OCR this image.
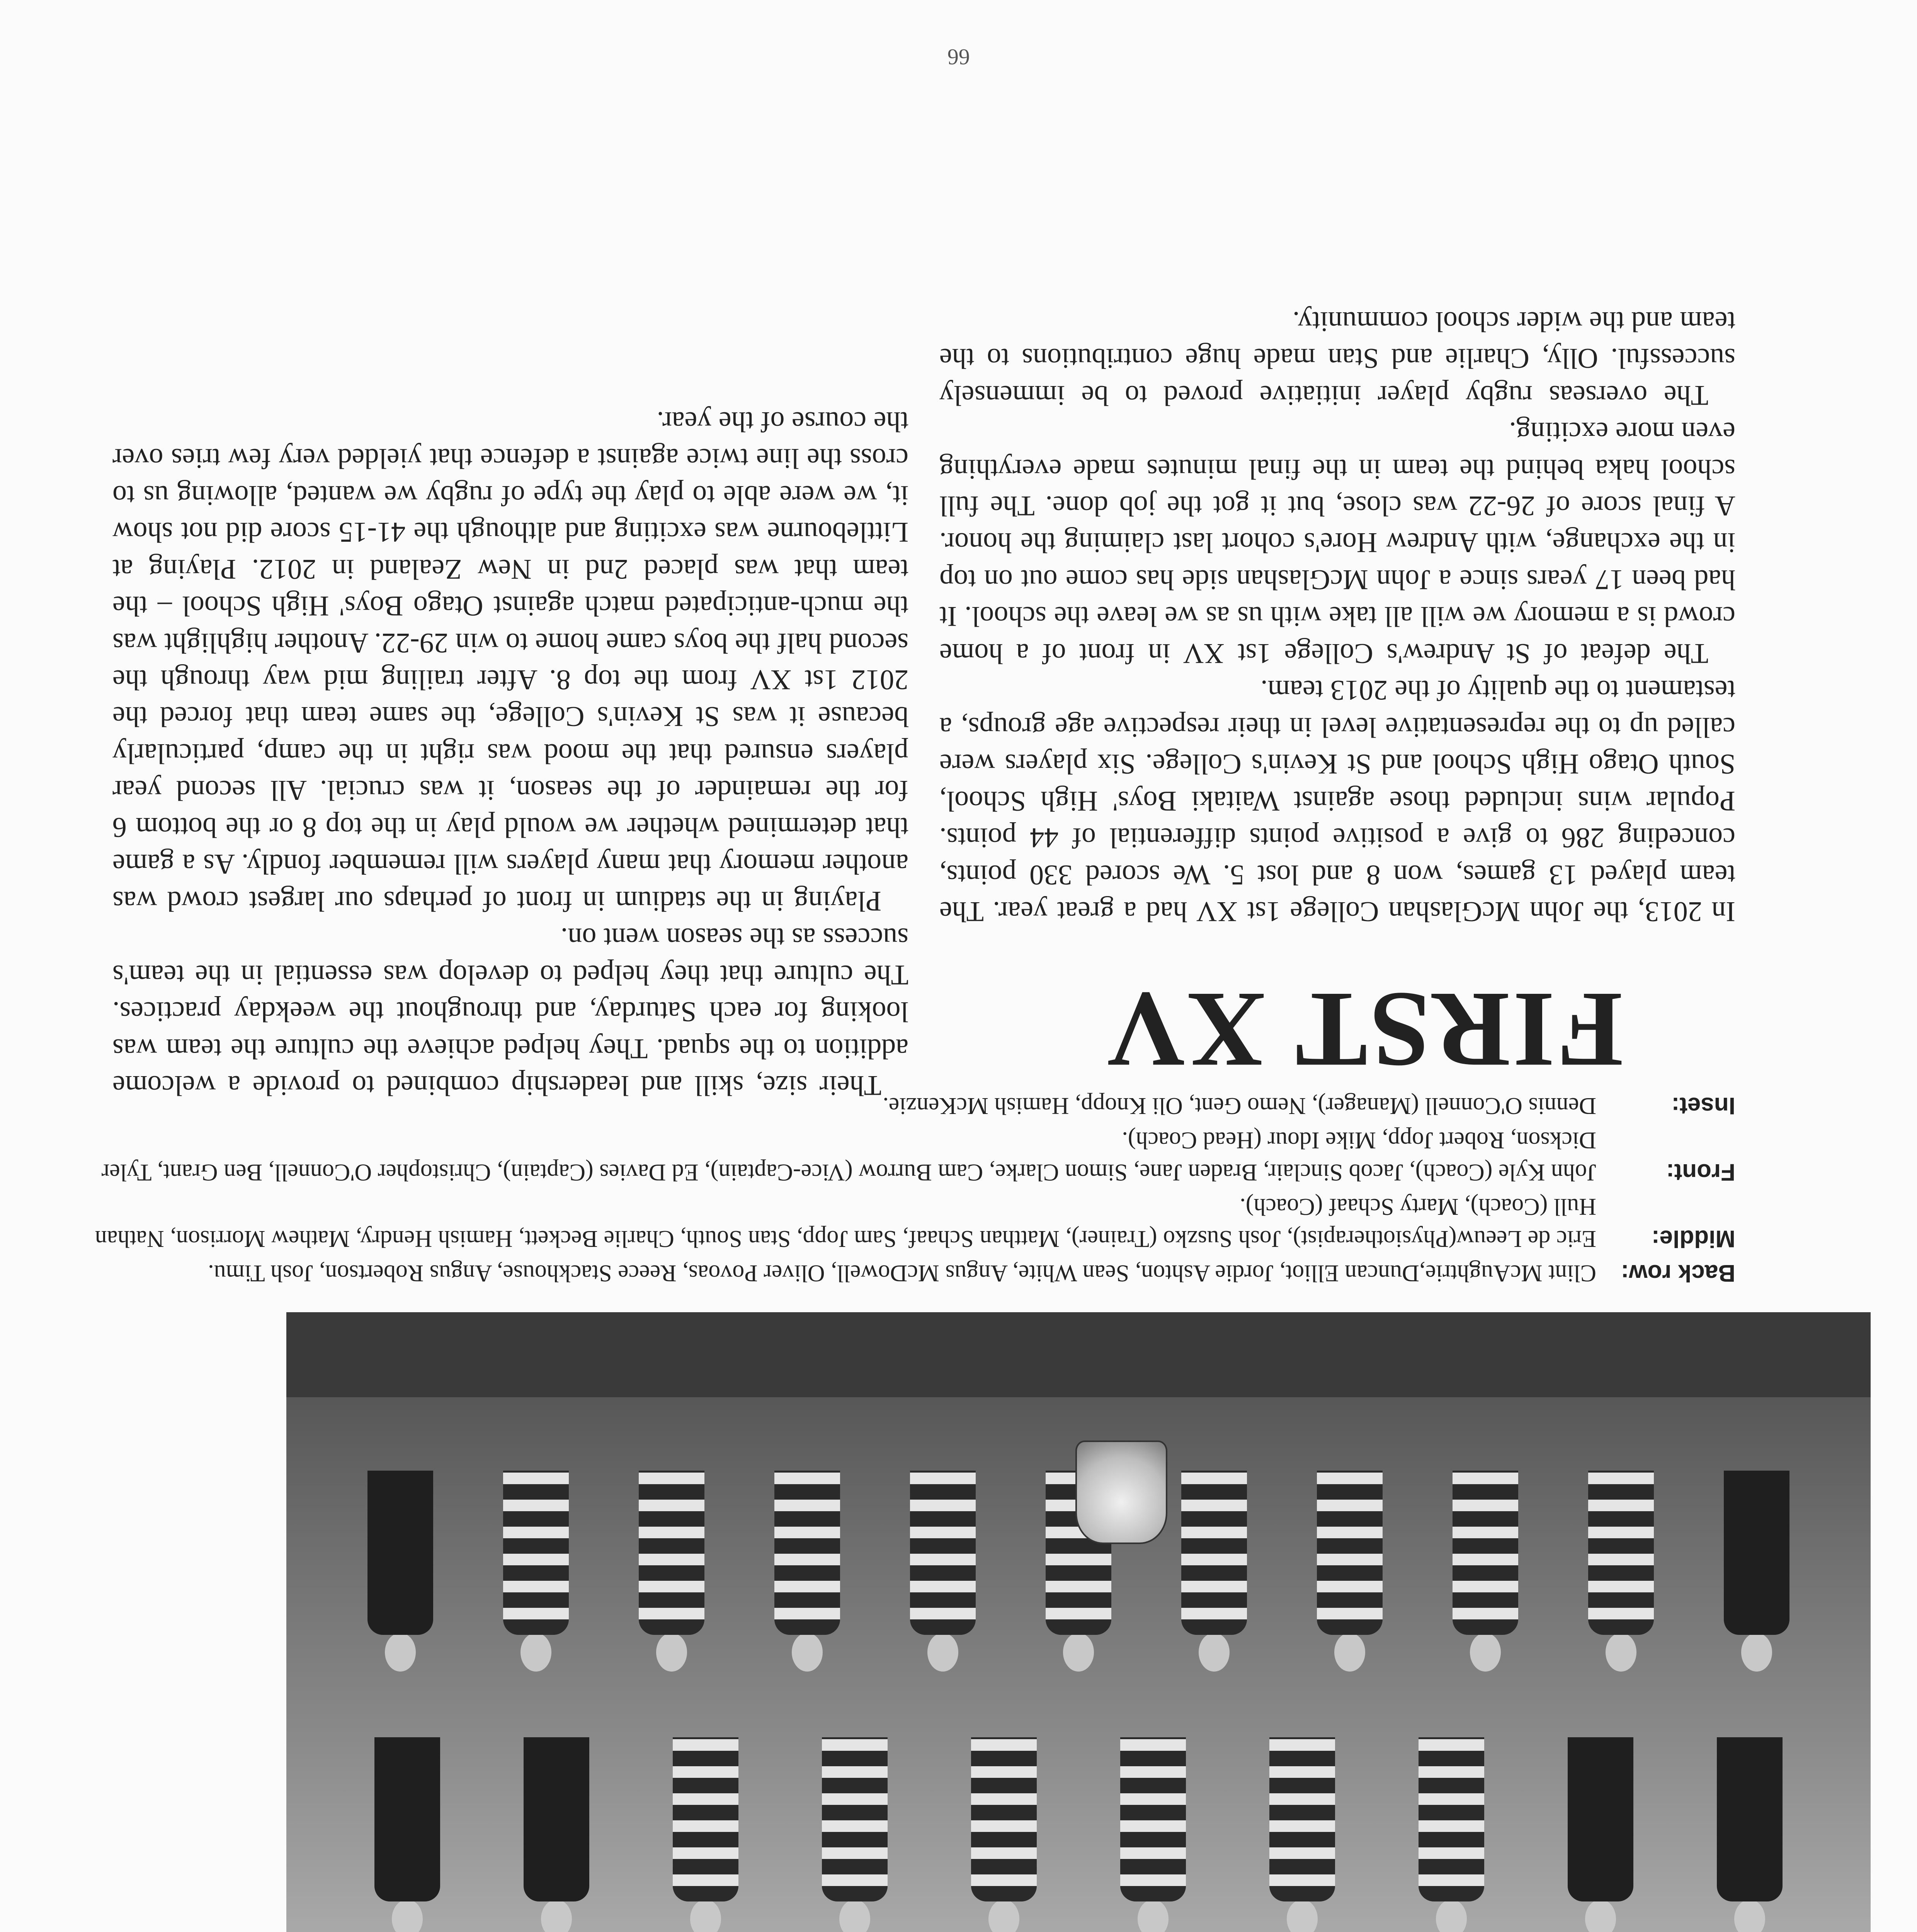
Back row:
Clint McAughtrie,Duncan Elliot, Jordie Ashton, Sean White, Angus McDowell, Oliver Povoas, Reece Stackhouse, Angus Robertson, Josh Timu.
Middle:
Eric de Leeuw(Physiotherapist), Josh Suszko (Trainer), Matthan Schaaf, Sam Jopp, Stan South, Charlie Beckett, Hamish Hendry, Mathew Morrison, Nathan Hull (Coach), Marty Schaaf (Coach).
Front:
John Kyle (Coach), Jacob Sinclair, Braden Jane, Simon Clarke, Cam Burrow (Vice-Captain), Ed Davies (Captain), Christopher O'Connell, Ben Grant, Tyler Dickson, Robert Jopp, Mike Idour (Head Coach).
Inset:
Dennis O'Connell (Manager), Nemo Gent, Oli Knopp, Hamish McKenzie.
FIRST XV

In 2013, the John McGlashan College 1st XV had a great year. The team played 13 games, won 8 and lost 5. We scored 330 points, conceding 286 to give a positive points differential of 44 points. Popular wins included those against Waitaki Boys' High School, South Otago High School and St Kevin's College. Six players were called up to the representative level in their respective age groups, a testament to the quality of the 2013 team.

The defeat of St Andrew's College 1st XV in front of a home crowd is a memory we will all take with us as we leave the school. It had been 17 years since a John McGlashan side has come out on top in the exchange, with Andrew Hore's cohort last claiming the honor. A final score of 26-22 was close, but it got the job done. The full school haka behind the team in the final minutes made everything even more exciting.

The overseas rugby player initiative proved to be immensely successful. Olly, Charlie and Stan made huge contributions to the team and the wider school community.

Their size, skill and leadership combined to provide a welcome addition to the squad. They helped achieve the culture the team was looking for each Saturday, and throughout the weekday practices. The culture that they helped to develop was essential in the team's success as the season went on.

Playing in the stadium in front of perhaps our largest crowd was another memory that many players will remember fondly. As a game that determined whether we would play in the top 8 or the bottom 6 for the remainder of the season, it was crucial. All second year players ensured that the mood was right in the camp, particularly because it was St Kevin's College, the same team that forced the 2012 1st XV from the top 8. After trailing mid way through the second half the boys came home to win 29-22. Another highlight was the much-anticipated match against Otago Boys' High School – the team that was placed 2nd in New Zealand in 2012. Playing at Littlebourne was exciting and although the 41-15 score did not show it, we were able to play the type of rugby we wanted, allowing us to cross the line twice against a defence that yielded very few tries over the course of the year.

66
